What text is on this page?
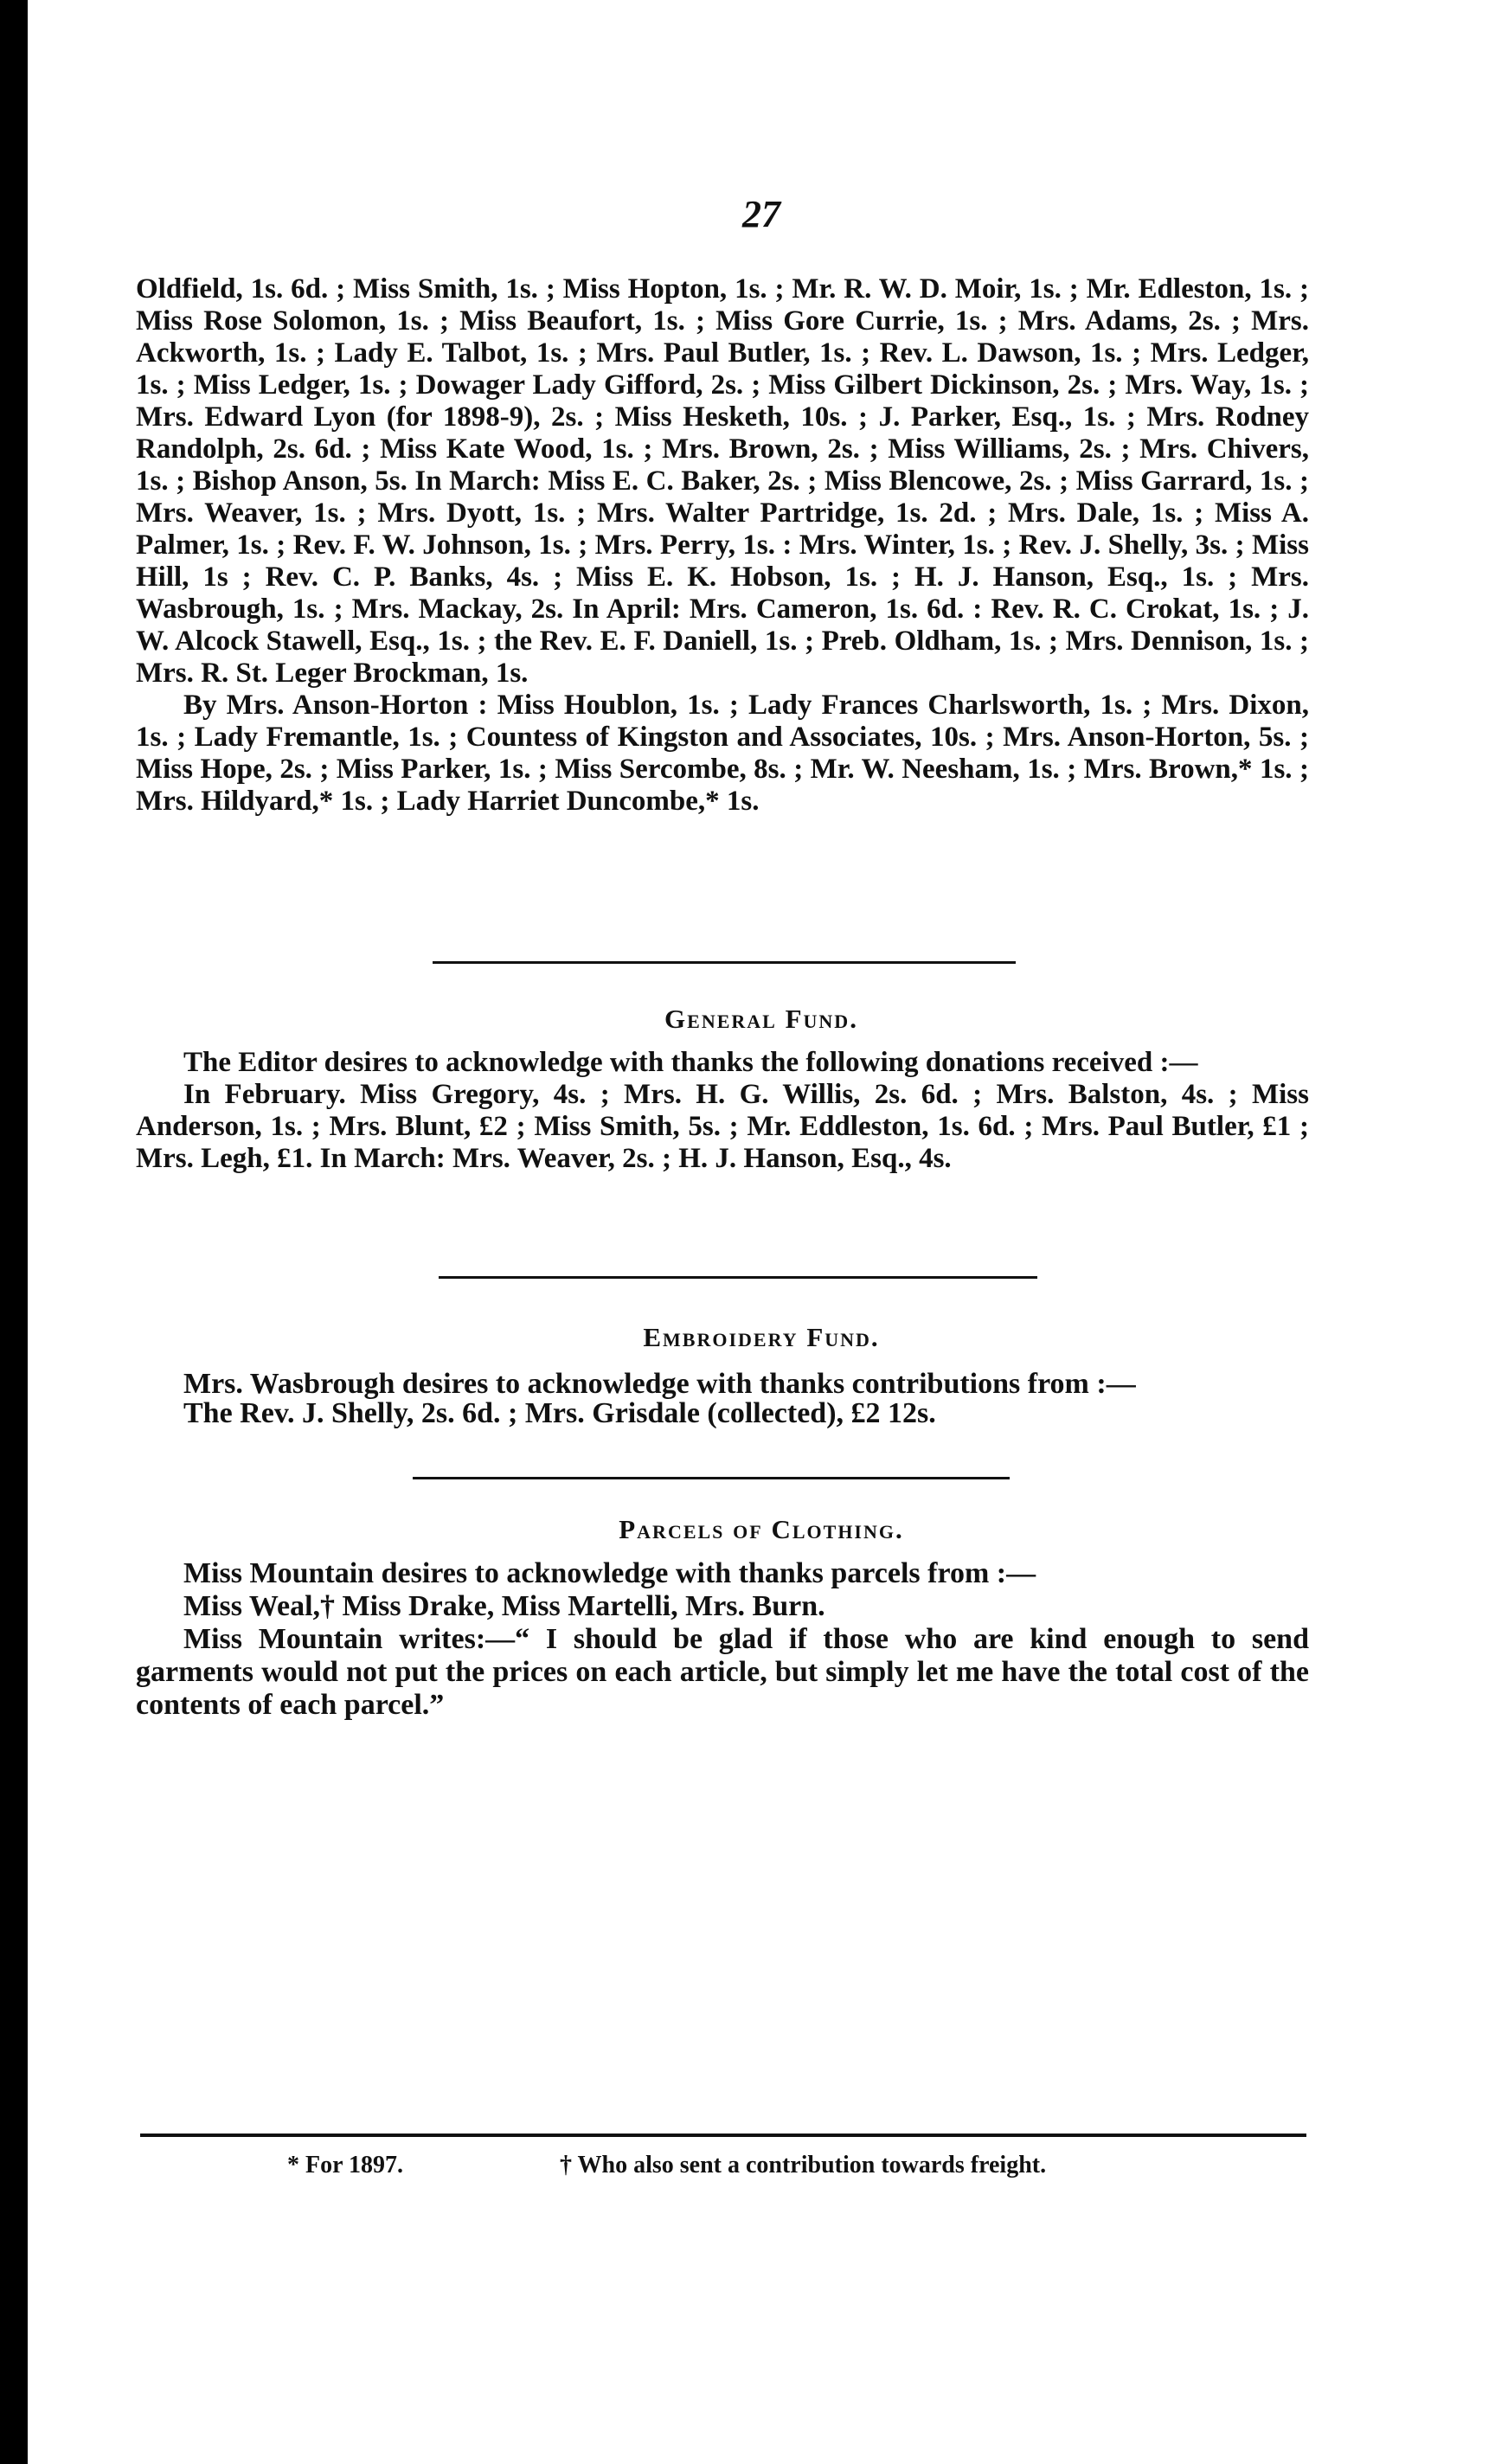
27

Oldfield, 1s. 6d. ; Miss Smith, 1s. ; Miss Hopton, 1s. ; Mr. R. W. D. Moir, 1s. ; Mr. Edleston, 1s. ; Miss Rose Solomon, 1s. ; Miss Beaufort, 1s. ; Miss Gore Currie, 1s. ; Mrs. Adams, 2s. ; Mrs. Ackworth, 1s. ; Lady E. Talbot, 1s. ; Mrs. Paul Butler, 1s. ; Rev. L. Dawson, 1s. ; Mrs. Ledger, 1s. ; Miss Ledger, 1s. ; Dowager Lady Gifford, 2s. ; Miss Gilbert Dickinson, 2s. ; Mrs. Way, 1s. ; Mrs. Edward Lyon (for 1898-9), 2s. ; Miss Hesketh, 10s. ; J. Parker, Esq., 1s. ; Mrs. Rodney Randolph, 2s. 6d. ; Miss Kate Wood, 1s. ; Mrs. Brown, 2s. ; Miss Williams, 2s. ; Mrs. Chivers, 1s. ; Bishop Anson, 5s. In March: Miss E. C. Baker, 2s. ; Miss Blencowe, 2s. ; Miss Garrard, 1s. ; Mrs. Weaver, 1s. ; Mrs. Dyott, 1s. ; Mrs. Walter Partridge, 1s. 2d. ; Mrs. Dale, 1s. ; Miss A. Palmer, 1s. ; Rev. F. W. Johnson, 1s. ; Mrs. Perry, 1s. : Mrs. Winter, 1s. ; Rev. J. Shelly, 3s. ; Miss Hill, 1s ; Rev. C. P. Banks, 4s. ; Miss E. K. Hobson, 1s. ; H. J. Hanson, Esq., 1s. ; Mrs. Wasbrough, 1s. ; Mrs. Mackay, 2s. In April: Mrs. Cameron, 1s. 6d. : Rev. R. C. Crokat, 1s. ; J. W. Alcock Stawell, Esq., 1s. ; the Rev. E. F. Daniell, 1s. ; Preb. Oldham, 1s. ; Mrs. Dennison, 1s. ; Mrs. R. St. Leger Brockman, 1s.

By Mrs. Anson-Horton : Miss Houblon, 1s. ; Lady Frances Charlsworth, 1s. ; Mrs. Dixon, 1s. ; Lady Fremantle, 1s. ; Countess of Kingston and Associates, 10s. ; Mrs. Anson-Horton, 5s. ; Miss Hope, 2s. ; Miss Parker, 1s. ; Miss Sercombe, 8s. ; Mr. W. Neesham, 1s. ; Mrs. Brown,* 1s. ; Mrs. Hildyard,* 1s. ; Lady Harriet Duncombe,* 1s.

General Fund.

The Editor desires to acknowledge with thanks the following donations received :—

In February. Miss Gregory, 4s. ; Mrs. H. G. Willis, 2s. 6d. ; Mrs. Balston, 4s. ; Miss Anderson, 1s. ; Mrs. Blunt, £2 ; Miss Smith, 5s. ; Mr. Eddleston, 1s. 6d. ; Mrs. Paul Butler, £1 ; Mrs. Legh, £1. In March: Mrs. Weaver, 2s. ; H. J. Hanson, Esq., 4s.

Embroidery Fund.

Mrs. Wasbrough desires to acknowledge with thanks contributions from :—

The Rev. J. Shelly, 2s. 6d. ; Mrs. Grisdale (collected), £2 12s.

Parcels of Clothing.

Miss Mountain desires to acknowledge with thanks parcels from :—

Miss Weal,† Miss Drake, Miss Martelli, Mrs. Burn.

Miss Mountain writes:—“ I should be glad if those who are kind enough to send garments would not put the prices on each article, but simply let me have the total cost of the contents of each parcel.”

* For 1897.	† Who also sent a contribution towards freight.
